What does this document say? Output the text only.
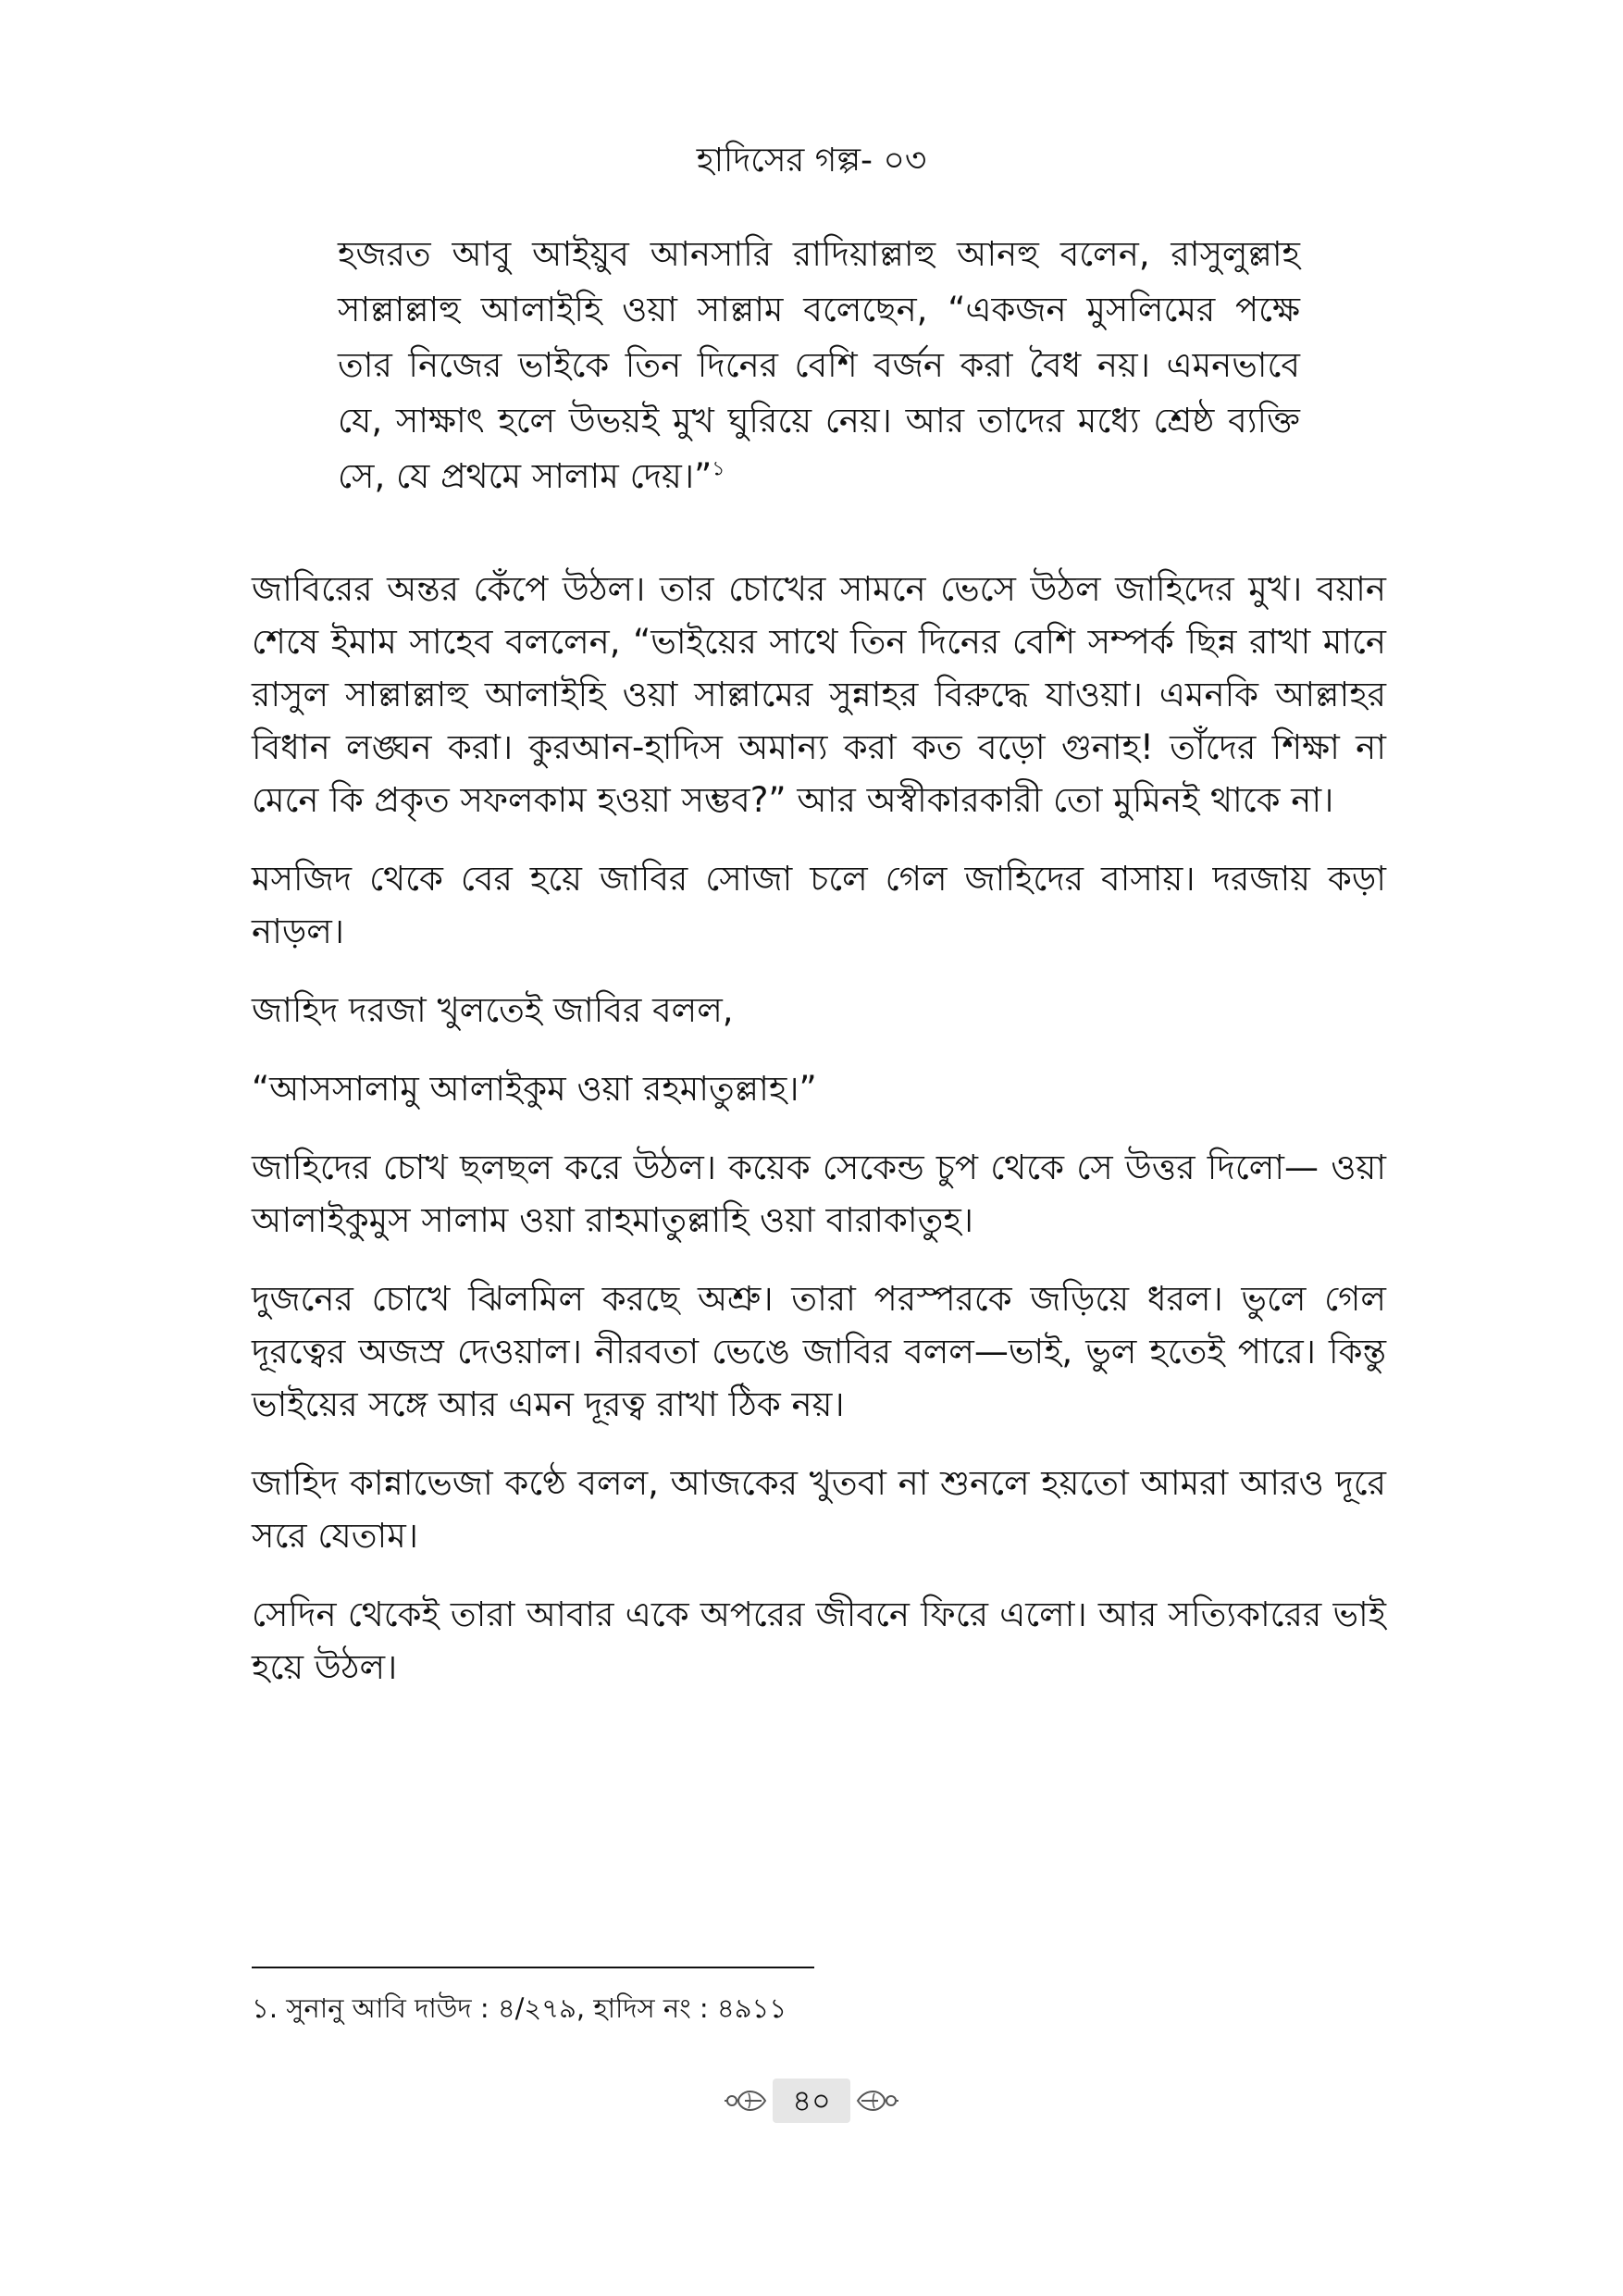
হাদিসের গল্প- ০৩

হজরত আবু আইয়ুব আনসারি রাদিয়াল্লাহু আনহু বলেন, রাসুলুল্লাহ সাল্লাল্লাহু আলাইহি ওয়া সাল্লাম বলেছেন, “একজন মুসলিমের পক্ষে তার নিজের ভাইকে তিন দিনের বেশি বর্জন করা বৈধ নয়। এমনভাবে যে, সাক্ষাৎ হলে উভয়ই মুখ ঘুরিয়ে নেয়। আর তাদের মধ্যে শ্রেষ্ঠ ব্যক্তি সে, যে প্রথমে সালাম দেয়।”$^১$

জাবিরের অন্তর কেঁপে উঠল। তার চোখের সামনে ভেসে উঠল জাহিদের মুখ। বয়ান শেষে ইমাম সাহেব বললেন, “ভাইয়ের সাথে তিন দিনের বেশি সম্পর্ক ছিন্ন রাখা মানে রাসুল সাল্লাল্লাহু আলাইহি ওয়া সাল্লামের সুন্নাহর বিরুদ্ধে যাওয়া। এমনকি আল্লাহর বিধান লঙ্ঘন করা। কুরআন-হাদিস অমান্য করা কত বড়ো গুনাহ! তাঁদের শিক্ষা না মেনে কি প্রকৃত সফলকাম হওয়া সম্ভব?” আর অস্বীকারকারী তো মুমিনই থাকে না।

মসজিদ থেকে বের হয়ে জাবির সোজা চলে গেল জাহিদের বাসায়। দরজায় কড়া নাড়ল।

জাহিদ দরজা খুলতেই জাবির বলল,

“আসসালামু আলাইকুম ওয়া রহমাতুল্লাহ।”

জাহিদের চোখ ছলছল করে উঠল। কয়েক সেকেন্ড চুপ থেকে সে উত্তর দিলো— ওয়া আলাইকুমুস সালাম ওয়া রাহমাতুল্লাহি ওয়া বারাকাতুহ।

দুজনের চোখে ঝিলমিল করছে অশ্রু। তারা পরস্পরকে জড়িয়ে ধরল। ভুলে গেল দূরত্বের অজস্র দেওয়াল। নীরবতা ভেঙে জাবির বলল—ভাই, ভুল হতেই পারে। কিন্তু ভাইয়ের সঙ্গে আর এমন দূরত্ব রাখা ঠিক নয়।

জাহিদ কান্নাভেজা কণ্ঠে বলল, আজকের খুতবা না শুনলে হয়তো আমরা আরও দূরে সরে যেতাম।

সেদিন থেকেই তারা আবার একে অপরের জীবনে ফিরে এলো। আর সত্যিকারের ভাই হয়ে উঠল।

১. সুনানু আবি দাউদ : ৪/২৭৯, হাদিস নং : ৪৯১১
৪০
